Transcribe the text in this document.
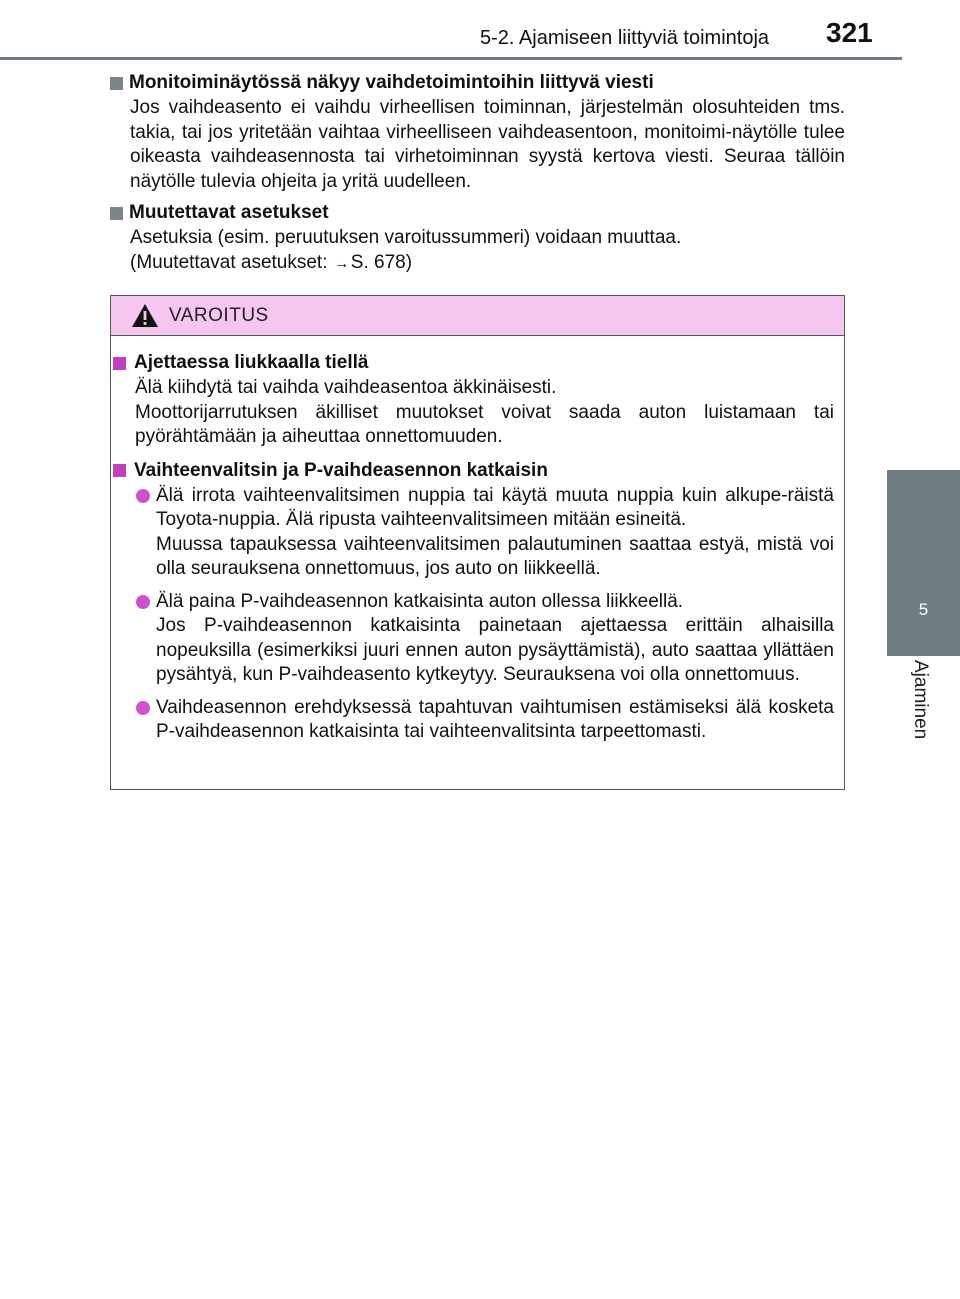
5-2. Ajamiseen liittyviä toimintoja 321
5
Ajaminen
Monitoiminäytössä näkyy vaihdetoimintoihin liittyvä viesti

Jos vaihdeasento ei vaihdu virheellisen toiminnan, järjestelmän olosuhteiden tms. takia, tai jos yritetään vaihtaa virheelliseen vaihdeasentoon, monitoimi-näytölle tulee oikeasta vaihdeasennosta tai virhetoiminnan syystä kertova viesti. Seuraa tällöin näytölle tulevia ohjeita ja yritä uudelleen.

Muutettavat asetukset
Asetuksia (esim. peruutuksen varoitussummeri) voidaan muuttaa.
(Muutettavat asetukset: →S. 678)
VAROITUS
Ajettaessa liukkaalla tiellä

Älä kiihdytä tai vaihda vaihdeasentoa äkkinäisesti.

Moottorijarrutuksen äkilliset muutokset voivat saada auton luistamaan tai pyörähtämään ja aiheuttaa onnettomuuden.

Vaihteenvalitsin ja P-vaihdeasennon katkaisin
Älä irrota vaihteenvalitsimen nuppia tai käytä muuta nuppia kuin alkupe-räistä Toyota-nuppia. Älä ripusta vaihteenvalitsimeen mitään esineitä.
Muussa tapauksessa vaihteenvalitsimen palautuminen saattaa estyä, mistä voi olla seurauksena onnettomuus, jos auto on liikkeellä.
Älä paina P-vaihdeasennon katkaisinta auton ollessa liikkeellä.
Jos P-vaihdeasennon katkaisinta painetaan ajettaessa erittäin alhaisilla nopeuksilla (esimerkiksi juuri ennen auton pysäyttämistä), auto saattaa yllättäen pysähtyä, kun P-vaihdeasento kytkeytyy. Seurauksena voi olla onnettomuus.
Vaihdeasennon erehdyksessä tapahtuvan vaihtumisen estämiseksi älä kosketa P-vaihdeasennon katkaisinta tai vaihteenvalitsinta tarpeettomasti.
